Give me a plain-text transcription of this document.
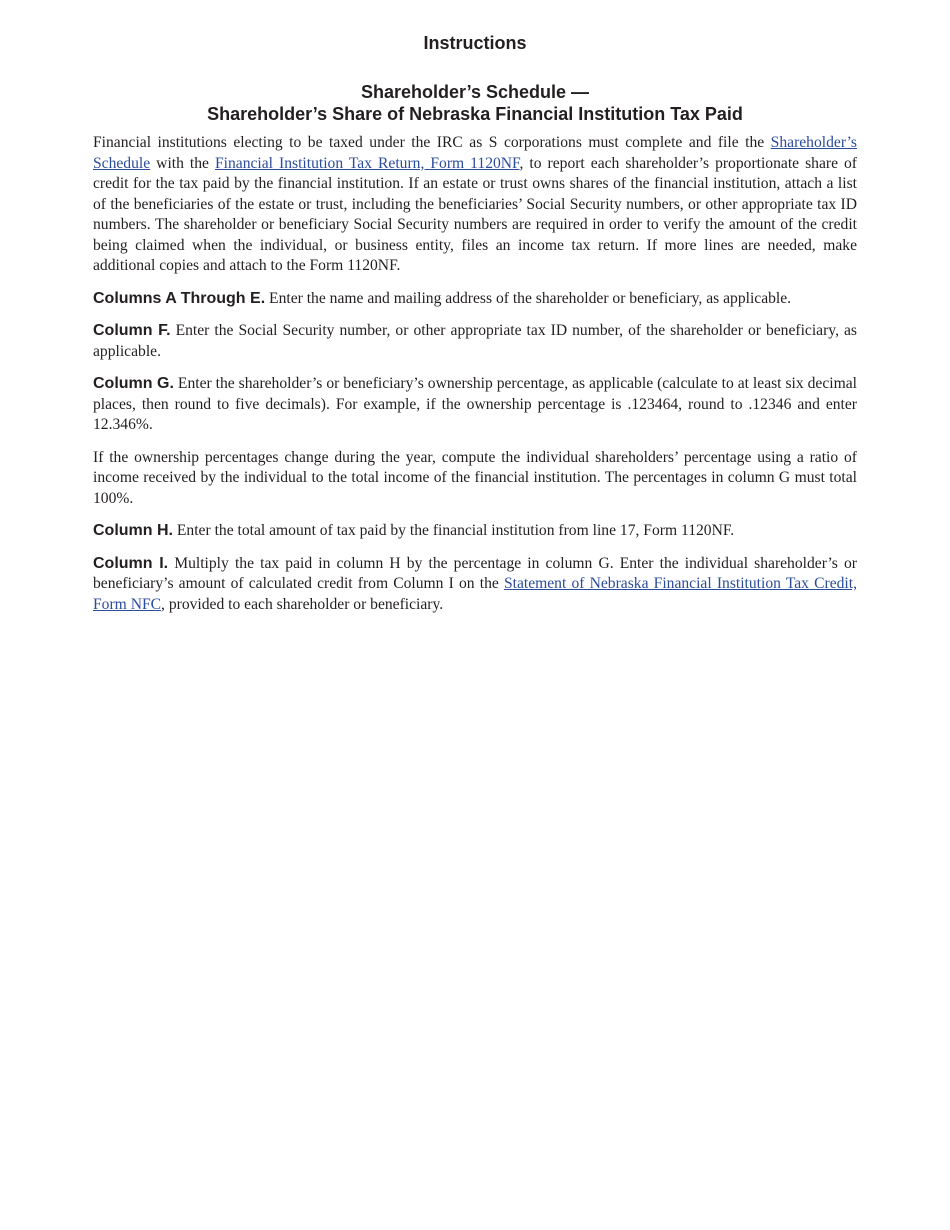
Instructions
Shareholder’s Schedule —
Shareholder’s Share of Nebraska Financial Institution Tax Paid

Financial institutions electing to be taxed under the IRC as S corporations must complete and file the Shareholder’s Schedule with the Financial Institution Tax Return, Form 1120NF, to report each shareholder’s proportionate share of credit for the tax paid by the financial institution. If an estate or trust owns shares of the financial institution, attach a list of the beneficiaries of the estate or trust, including the beneficiaries’ Social Security numbers, or other appropriate tax ID numbers. The shareholder or beneficiary Social Security numbers are required in order to verify the amount of the credit being claimed when the individual, or business entity, files an income tax return. If more lines are needed, make additional copies and attach to the Form 1120NF.

Columns A Through E. Enter the name and mailing address of the shareholder or beneficiary, as applicable.

Column F. Enter the Social Security number, or other appropriate tax ID number, of the shareholder or beneficiary, as applicable.

Column G. Enter the shareholder’s or beneficiary’s ownership percentage, as applicable (calculate to at least six decimal places, then round to five decimals). For example, if the ownership percentage is .123464, round to .12346 and enter 12.346%.

If the ownership percentages change during the year, compute the individual shareholders’ percentage using a ratio of income received by the individual to the total income of the financial institution. The percentages in column G must total 100%.

Column H. Enter the total amount of tax paid by the financial institution from line 17, Form 1120NF.

Column I. Multiply the tax paid in column H by the percentage in column G. Enter the individual shareholder’s or beneficiary’s amount of calculated credit from Column I on the Statement of Nebraska Financial Institution Tax Credit, Form NFC, provided to each shareholder or beneficiary.
